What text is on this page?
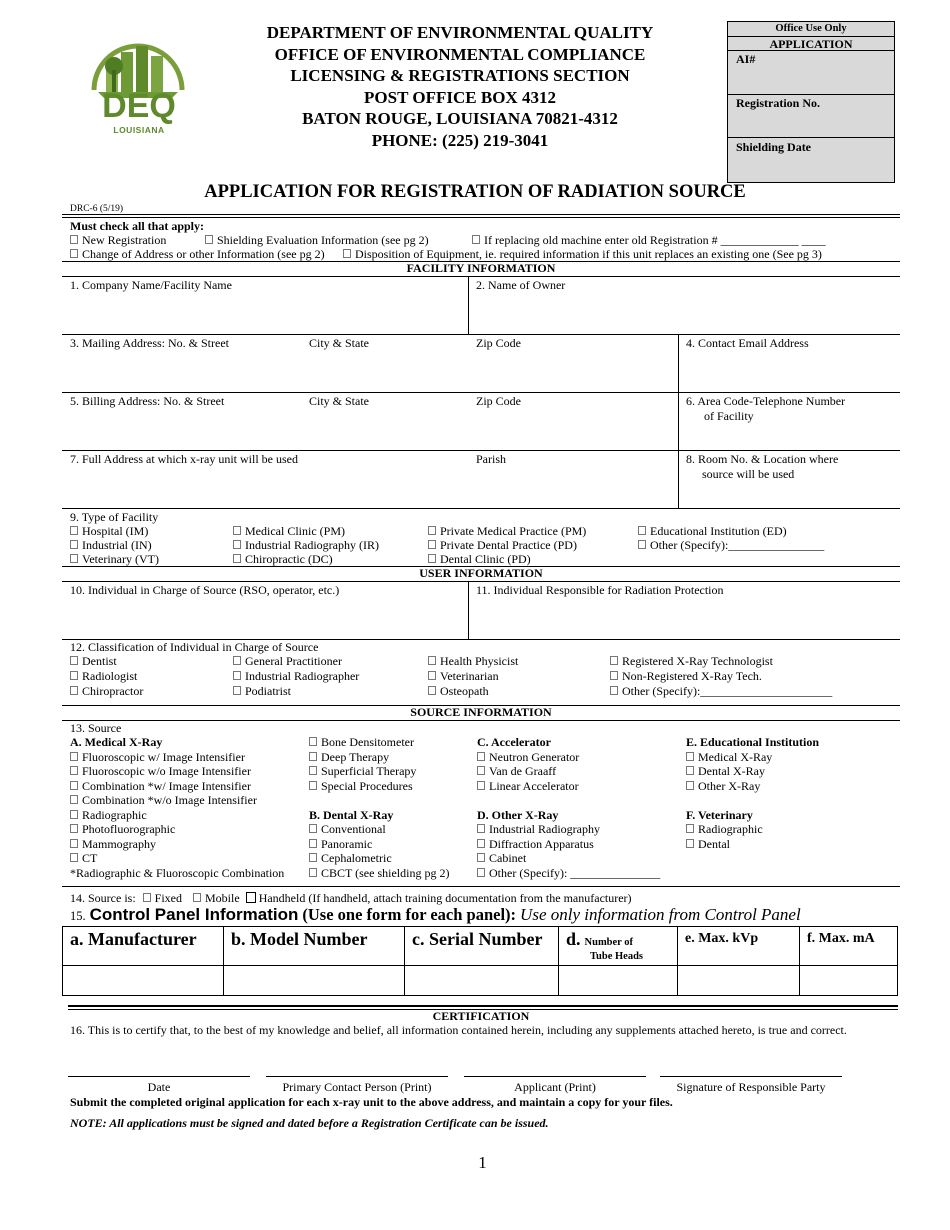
DEQ
LOUISIANA
DEPARTMENT OF ENVIRONMENTAL QUALITY
OFFICE OF ENVIRONMENTAL COMPLIANCE
LICENSING & REGISTRATIONS SECTION
POST OFFICE BOX 4312
BATON ROUGE, LOUISIANA 70821-4312
PHONE: (225) 219-3041
Office Use Only
APPLICATION
AI#
Registration No.
Shielding Date
APPLICATION FOR REGISTRATION OF RADIATION SOURCE
DRC-6 (5/19)
Must check all that apply:
New Registration	Shielding Evaluation Information (see pg 2)	If replacing old machine enter old Registration # _____________ ____
Change of Address or other Information (see pg 2)	Disposition of Equipment, ie. required information if this unit replaces an existing one (See pg 3)
FACILITY INFORMATION
1. Company Name/Facility Name	2. Name of Owner
3. Mailing Address: No. & Street	City & State	Zip Code	4. Contact Email Address
5. Billing Address: No. & Street	City & State	Zip Code	6. Area Code-Telephone Number
of Facility
7. Full Address at which x-ray unit will be used	Parish	8. Room No. & Location where
source will be used
9. Type of Facility
Hospital (IM)	Medical Clinic (PM)	Private Medical Practice (PM)	Educational Institution (ED)
Industrial (IN)	Industrial Radiography (IR)	Private Dental Practice (PD)	Other (Specify):________________
Veterinary (VT)	Chiropractic (DC)	Dental Clinic (PD)
USER INFORMATION
10. Individual in Charge of Source (RSO, operator, etc.)	11. Individual Responsible for Radiation Protection
12. Classification of Individual in Charge of Source
Dentist	General Practitioner	Health Physicist	Registered X-Ray Technologist
Radiologist	Industrial Radiographer	Veterinarian	Non-Registered X-Ray Tech.
Chiropractor	Podiatrist	Osteopath	Other (Specify):______________________
SOURCE INFORMATION
13. Source
A. Medical X-Ray
Fluoroscopic w/ Image Intensifier
Fluoroscopic w/o Image Intensifier
Combination *w/ Image Intensifier
Combination *w/o Image Intensifier
Radiographic
Photofluorographic
Mammography
CT
*Radiographic & Fluoroscopic Combination
Bone Densitometer
Deep Therapy
Superficial Therapy
Special Procedures
B. Dental X-Ray
Conventional
Panoramic
Cephalometric
CBCT (see shielding pg 2)
C. Accelerator
Neutron Generator
Van de Graaff
Linear Accelerator
D. Other X-Ray
Industrial Radiography
Diffraction Apparatus
Cabinet
Other (Specify): _______________
E. Educational Institution
Medical X-Ray
Dental X-Ray
Other X-Ray
F. Veterinary
Radiographic
Dental
14. Source is: Fixed Mobile Handheld (If handheld, attach training documentation from the manufacturer)
15. Control Panel Information (Use one form for each panel): Use only information from Control Panel
a. Manufacturer	b. Model Number	c. Serial Number	d. Number of
Tube Heads	e. Max. kVp	f. Max. mA

CERTIFICATION
16. This is to certify that, to the best of my knowledge and belief, all information contained herein, including any supplements attached hereto, is true and correct.
Date	Primary Contact Person (Print)	Applicant (Print)	Signature of Responsible Party
Submit the completed original application for each x-ray unit to the above address, and maintain a copy for your files.
NOTE: All applications must be signed and dated before a Registration Certificate can be issued.
1
